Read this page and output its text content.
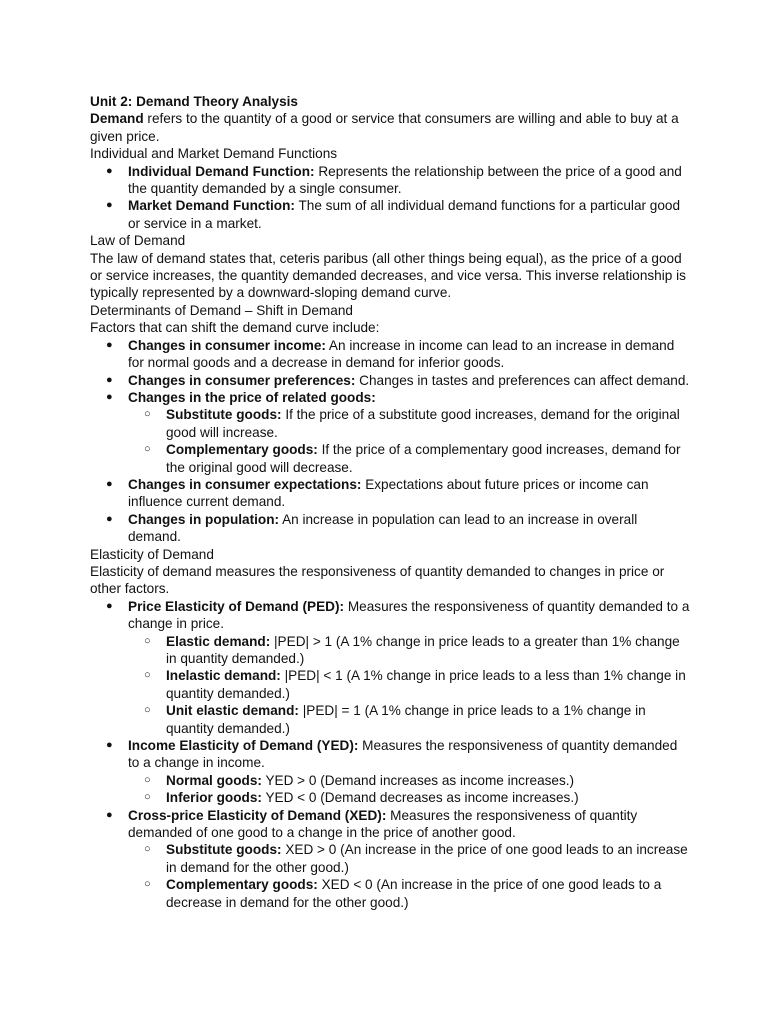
Unit 2: Demand Theory Analysis

Demand refers to the quantity of a good or service that consumers are willing and able to buy at a given price.

Individual and Market Demand Functions

● Individual Demand Function: Represents the relationship between the price of a good and the quantity demanded by a single consumer.
● Market Demand Function: The sum of all individual demand functions for a particular good or service in a market.

Law of Demand

The law of demand states that, ceteris paribus (all other things being equal), as the price of a good or service increases, the quantity demanded decreases, and vice versa. This inverse relationship is typically represented by a downward-sloping demand curve.

Determinants of Demand – Shift in Demand

Factors that can shift the demand curve include:

● Changes in consumer income: An increase in income can lead to an increase in demand for normal goods and a decrease in demand for inferior goods.
● Changes in consumer preferences: Changes in tastes and preferences can affect demand.
● Changes in the price of related goods:
○ Substitute goods: If the price of a substitute good increases, demand for the original good will increase.
○ Complementary goods: If the price of a complementary good increases, demand for the original good will decrease.
● Changes in consumer expectations: Expectations about future prices or income can influence current demand.
● Changes in population: An increase in population can lead to an increase in overall demand.

Elasticity of Demand

Elasticity of demand measures the responsiveness of quantity demanded to changes in price or other factors.

● Price Elasticity of Demand (PED): Measures the responsiveness of quantity demanded to a change in price.
○ Elastic demand: |PED| > 1 (A 1% change in price leads to a greater than 1% change in quantity demanded.)
○ Inelastic demand: |PED| < 1 (A 1% change in price leads to a less than 1% change in quantity demanded.)
○ Unit elastic demand: |PED| = 1 (A 1% change in price leads to a 1% change in quantity demanded.)
● Income Elasticity of Demand (YED): Measures the responsiveness of quantity demanded to a change in income.
○ Normal goods: YED > 0 (Demand increases as income increases.)
○ Inferior goods: YED < 0 (Demand decreases as income increases.)
● Cross-price Elasticity of Demand (XED): Measures the responsiveness of quantity demanded of one good to a change in the price of another good.
○ Substitute goods: XED > 0 (An increase in the price of one good leads to an increase in demand for the other good.)
○ Complementary goods: XED < 0 (An increase in the price of one good leads to a decrease in demand for the other good.)
